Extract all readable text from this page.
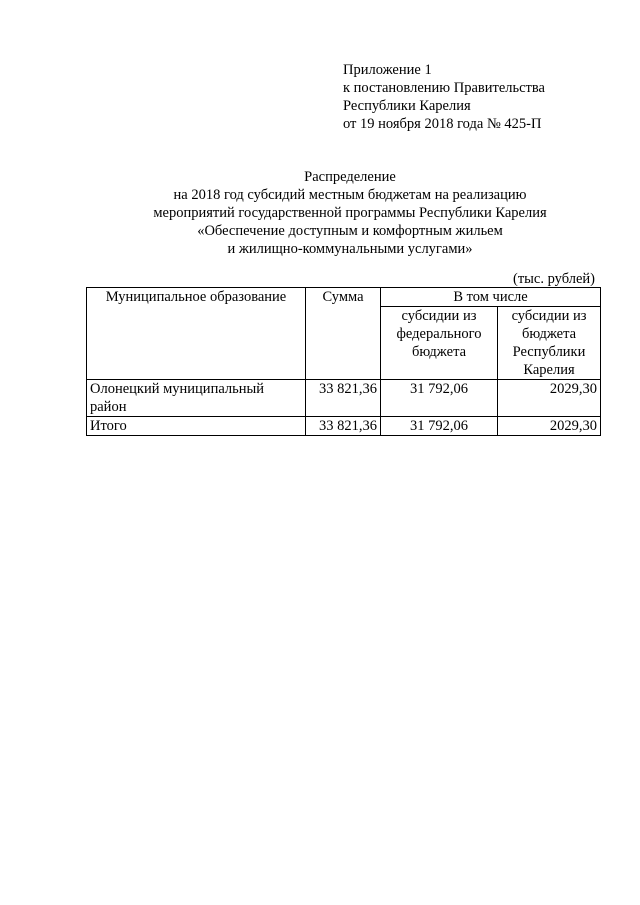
Приложение 1
к постановлению Правительства
Республики Карелия
от 19 ноября 2018 года № 425-П
Распределение
на 2018 год субсидий местным бюджетам на реализацию
мероприятий государственной программы Республики Карелия
«Обеспечение доступным и комфортным жильем
и жилищно-коммунальными услугами»
(тыс. рублей)
Муниципальное образование	Сумма	В том числе	
		субсидии из федерального бюджета	субсидии из бюджета Республики Карелия
Олонецкий муниципальный район	33 821,36	31 792,06	2029,30
Итого	33 821,36	31 792,06	2029,30
